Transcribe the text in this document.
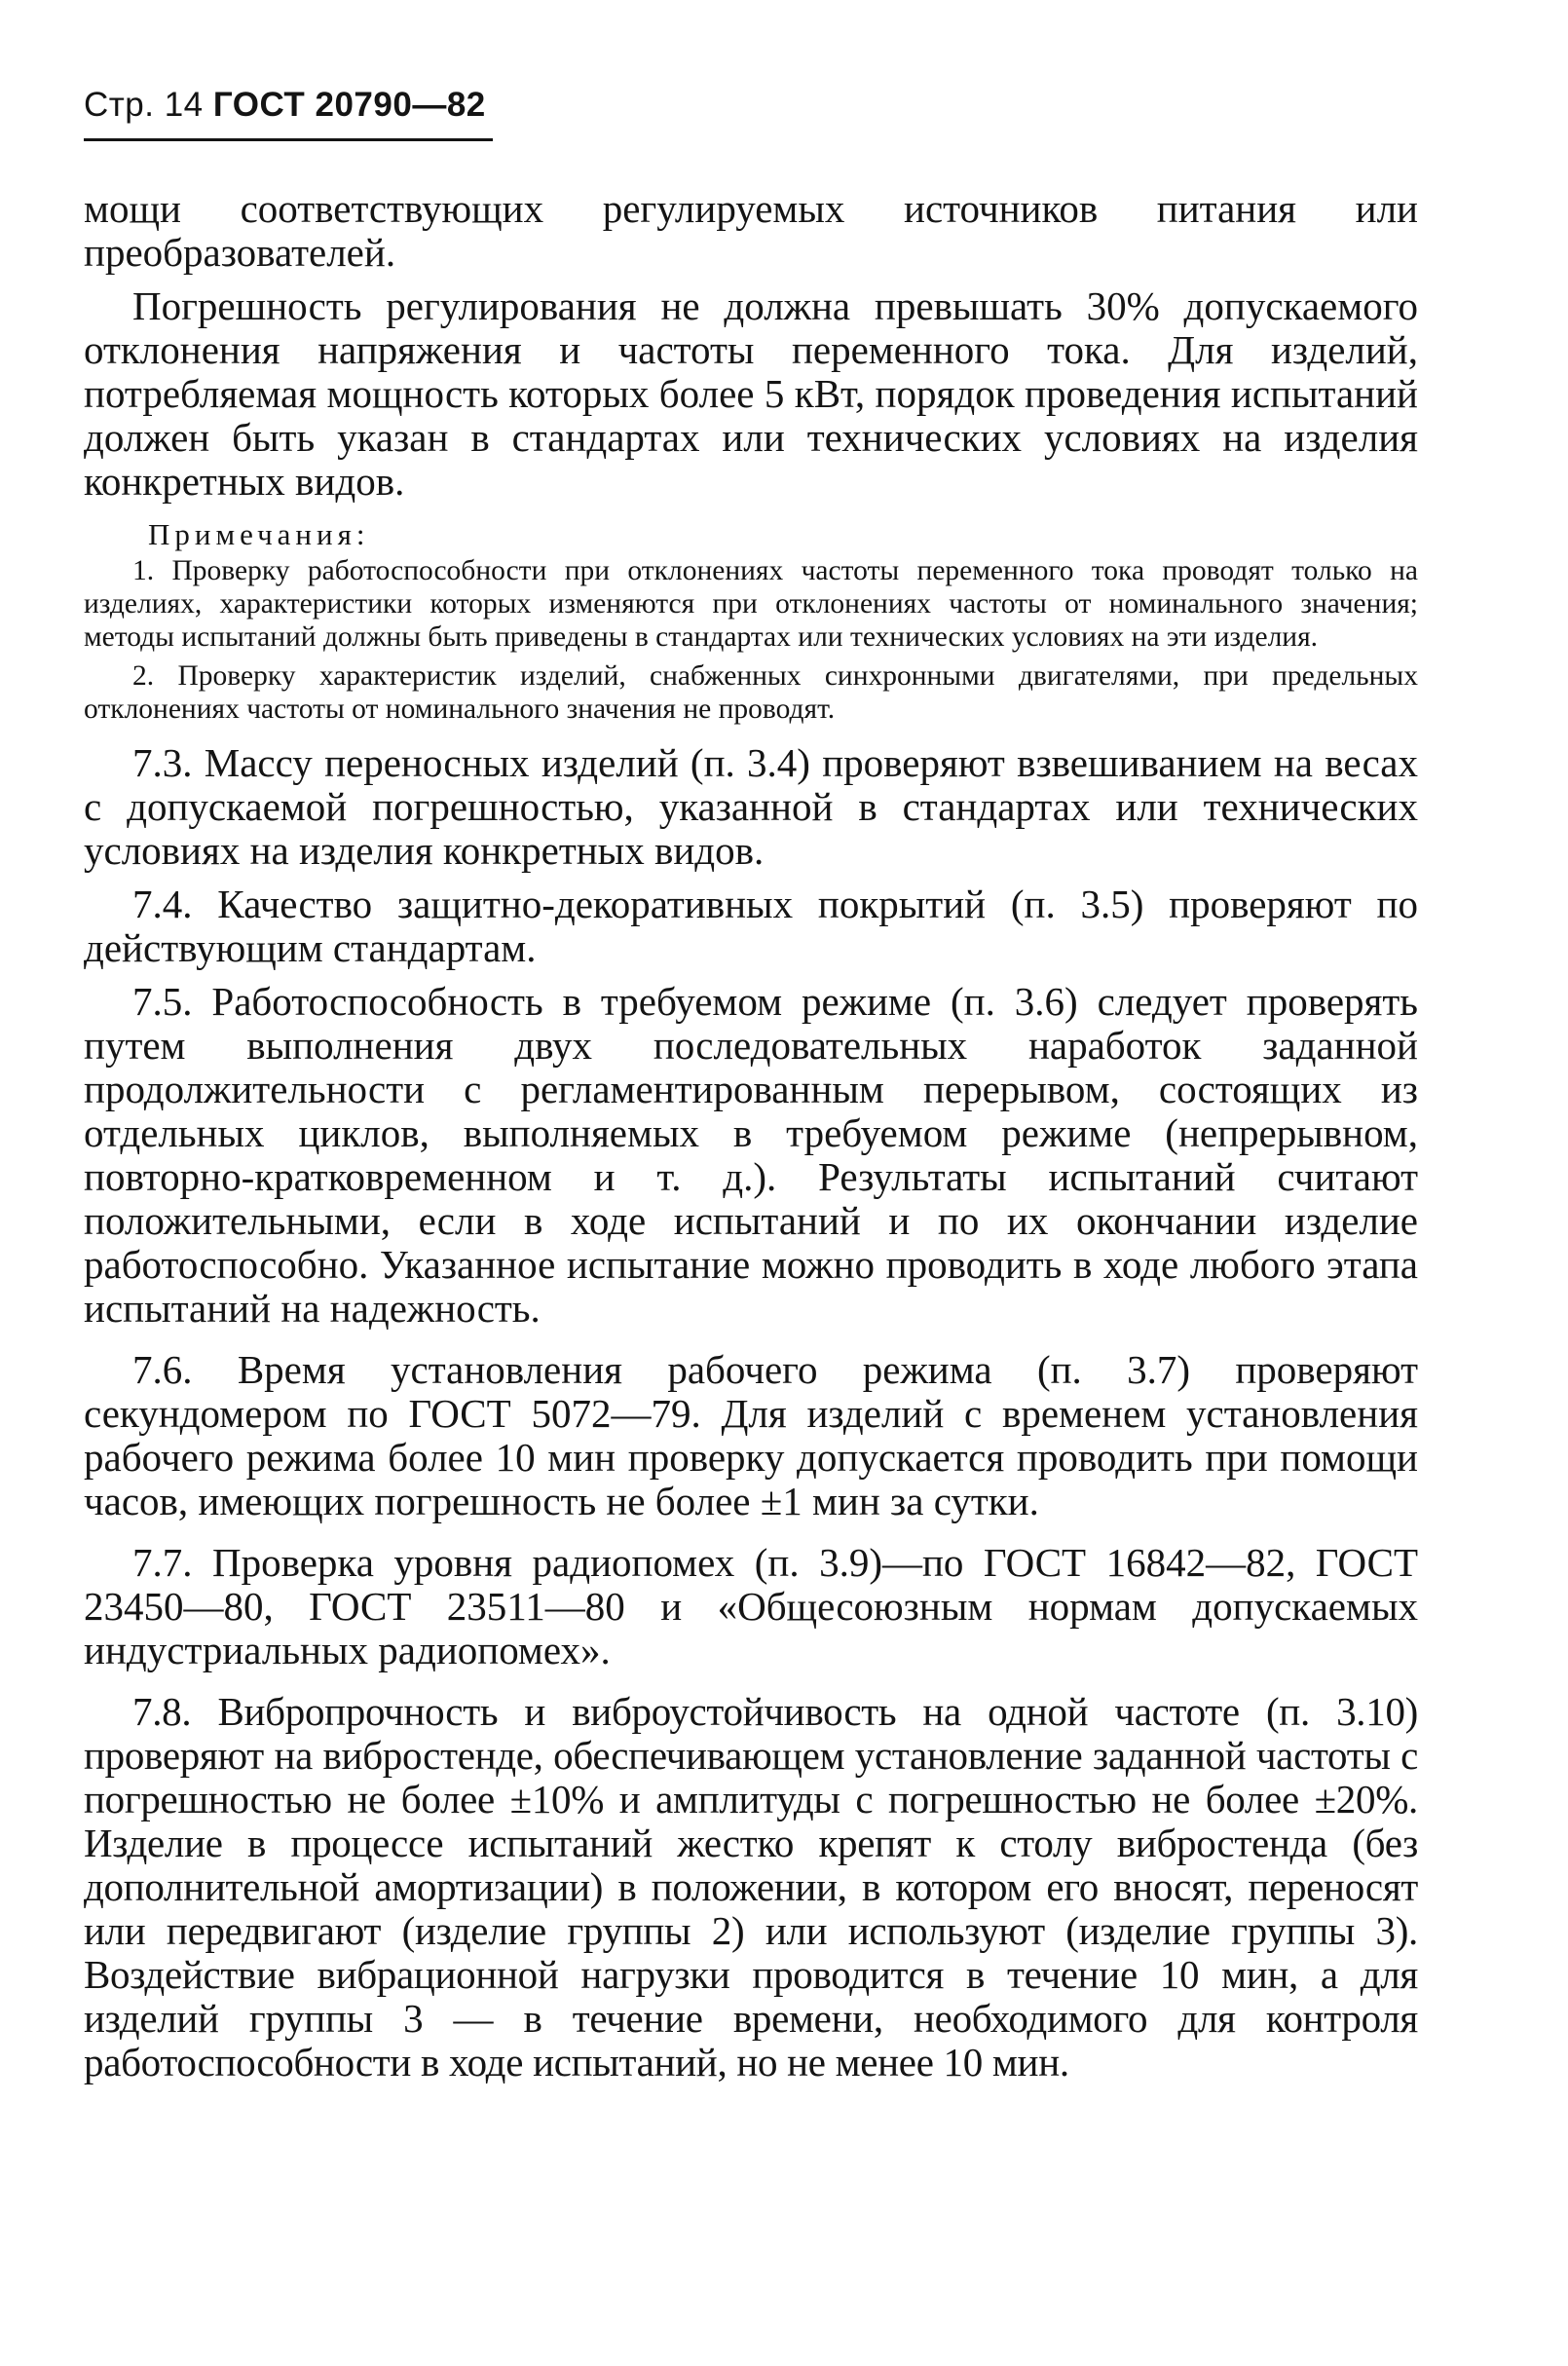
Стр. 14 ГОСТ 20790—82

мощи соответствующих регулируемых источников питания или преобразователей.

Погрешность регулирования не должна превышать 30% допускаемого отклонения напряжения и частоты переменного тока. Для изделий, потребляемая мощность которых более 5 кВт, порядок проведения испытаний должен быть указан в стандартах или технических условиях на изделия конкретных видов.

Примечания:

1. Проверку работоспособности при отклонениях частоты переменного тока проводят только на изделиях, характеристики которых изменяются при отклонениях частоты от номинального значения; методы испытаний должны быть приведены в стандартах или технических условиях на эти изделия.

2. Проверку характеристик изделий, снабженных синхронными двигателями, при предельных отклонениях частоты от номинального значения не проводят.

7.3. Массу переносных изделий (п. 3.4) проверяют взвешиванием на весах с допускаемой погрешностью, указанной в стандартах или технических условиях на изделия конкретных видов.

7.4. Качество защитно-декоративных покрытий (п. 3.5) проверяют по действующим стандартам.

7.5. Работоспособность в требуемом режиме (п. 3.6) следует проверять путем выполнения двух последовательных наработок заданной продолжительности с регламентированным перерывом, состоящих из отдельных циклов, выполняемых в требуемом режиме (непрерывном, повторно-кратковременном и т. д.). Результаты испытаний считают положительными, если в ходе испытаний и по их окончании изделие работоспособно. Указанное испытание можно проводить в ходе любого этапа испытаний на надежность.

7.6. Время установления рабочего режима (п. 3.7) проверяют секундомером по ГОСТ 5072—79. Для изделий с временем установления рабочего режима более 10 мин проверку допускается проводить при помощи часов, имеющих погрешность не более ±1 мин за сутки.

7.7. Проверка уровня радиопомех (п. 3.9)—по ГОСТ 16842—82, ГОСТ 23450—80, ГОСТ 23511—80 и «Общесоюзным нормам допускаемых индустриальных радиопомех».

7.8. Вибропрочность и виброустойчивость на одной частоте (п. 3.10) проверяют на вибростенде, обеспечивающем установление заданной частоты с погрешностью не более ±10% и амплитуды с погрешностью не более ±20%. Изделие в процессе испытаний жестко крепят к столу вибростенда (без дополнительной амортизации) в положении, в котором его вносят, переносят или передвигают (изделие группы 2) или используют (изделие группы 3). Воздействие вибрационной нагрузки проводится в течение 10 мин, а для изделий группы 3 — в течение времени, необходимого для контроля работоспособности в ходе испытаний, но не менее 10 мин.
